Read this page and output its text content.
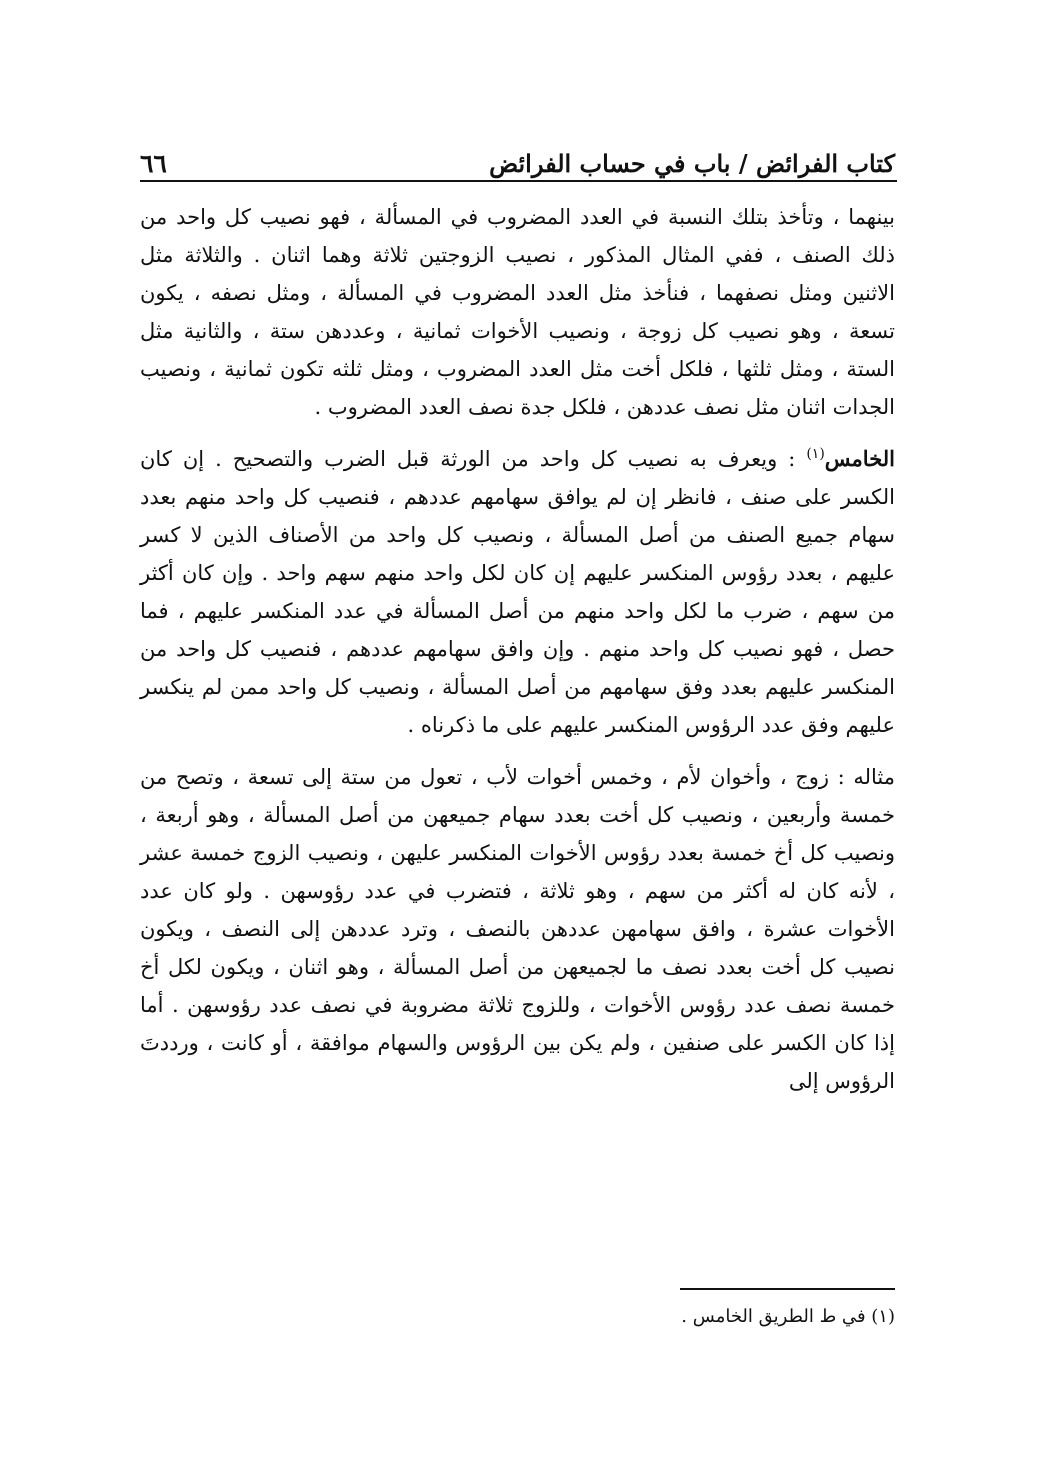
كتاب الفرائض / باب في حساب الفرائض
٦٦

بينهما ، وتأخذ بتلك النسبة في العدد المضروب في المسألة ، فهو نصيب كل واحد من ذلك الصنف ، ففي المثال المذكور ، نصيب الزوجتين ثلاثة وهما اثنان . والثلاثة مثل الاثنين ومثل نصفهما ، فنأخذ مثل العدد المضروب في المسألة ، ومثل نصفه ، يكون تسعة ، وهو نصيب كل زوجة ، ونصيب الأخوات ثمانية ، وعددهن ستة ، والثانية مثل الستة ، ومثل ثلثها ، فلكل أخت مثل العدد المضروب ، ومثل ثلثه تكون ثمانية ، ونصيب الجدات اثنان مثل نصف عددهن ، فلكل جدة نصف العدد المضروب .

الخامس$^{(١)}$ : ويعرف به نصيب كل واحد من الورثة قبل الضرب والتصحيح . إن كان الكسر على صنف ، فانظر إن لم يوافق سهامهم عددهم ، فنصيب كل واحد منهم بعدد سهام جميع الصنف من أصل المسألة ، ونصيب كل واحد من الأصناف الذين لا كسر عليهم ، بعدد رؤوس المنكسر عليهم إن كان لكل واحد منهم سهم واحد . وإن كان أكثر من سهم ، ضرب ما لكل واحد منهم من أصل المسألة في عدد المنكسر عليهم ، فما حصل ، فهو نصيب كل واحد منهم . وإن وافق سهامهم عددهم ، فنصيب كل واحد من المنكسر عليهم بعدد وفق سهامهم من أصل المسألة ، ونصيب كل واحد ممن لم ينكسر عليهم وفق عدد الرؤوس المنكسر عليهم على ما ذكرناه .

مثاله : زوج ، وأخوان لأم ، وخمس أخوات لأب ، تعول من ستة إلى تسعة ، وتصح من خمسة وأربعين ، ونصيب كل أخت بعدد سهام جميعهن من أصل المسألة ، وهو أربعة ، ونصيب كل أخ خمسة بعدد رؤوس الأخوات المنكسر عليهن ، ونصيب الزوج خمسة عشر ، لأنه كان له أكثر من سهم ، وهو ثلاثة ، فتضرب في عدد رؤوسهن . ولو كان عدد الأخوات عشرة ، وافق سهامهن عددهن بالنصف ، وترد عددهن إلى النصف ، ويكون نصيب كل أخت بعدد نصف ما لجميعهن من أصل المسألة ، وهو اثنان ، ويكون لكل أخ خمسة نصف عدد رؤوس الأخوات ، وللزوج ثلاثة مضروبة في نصف عدد رؤوسهن . أما إذا كان الكسر على صنفين ، ولم يكن بين الرؤوس والسهام موافقة ، أو كانت ، ورددتَ الرؤوس إلى

(١) في ط الطريق الخامس .
